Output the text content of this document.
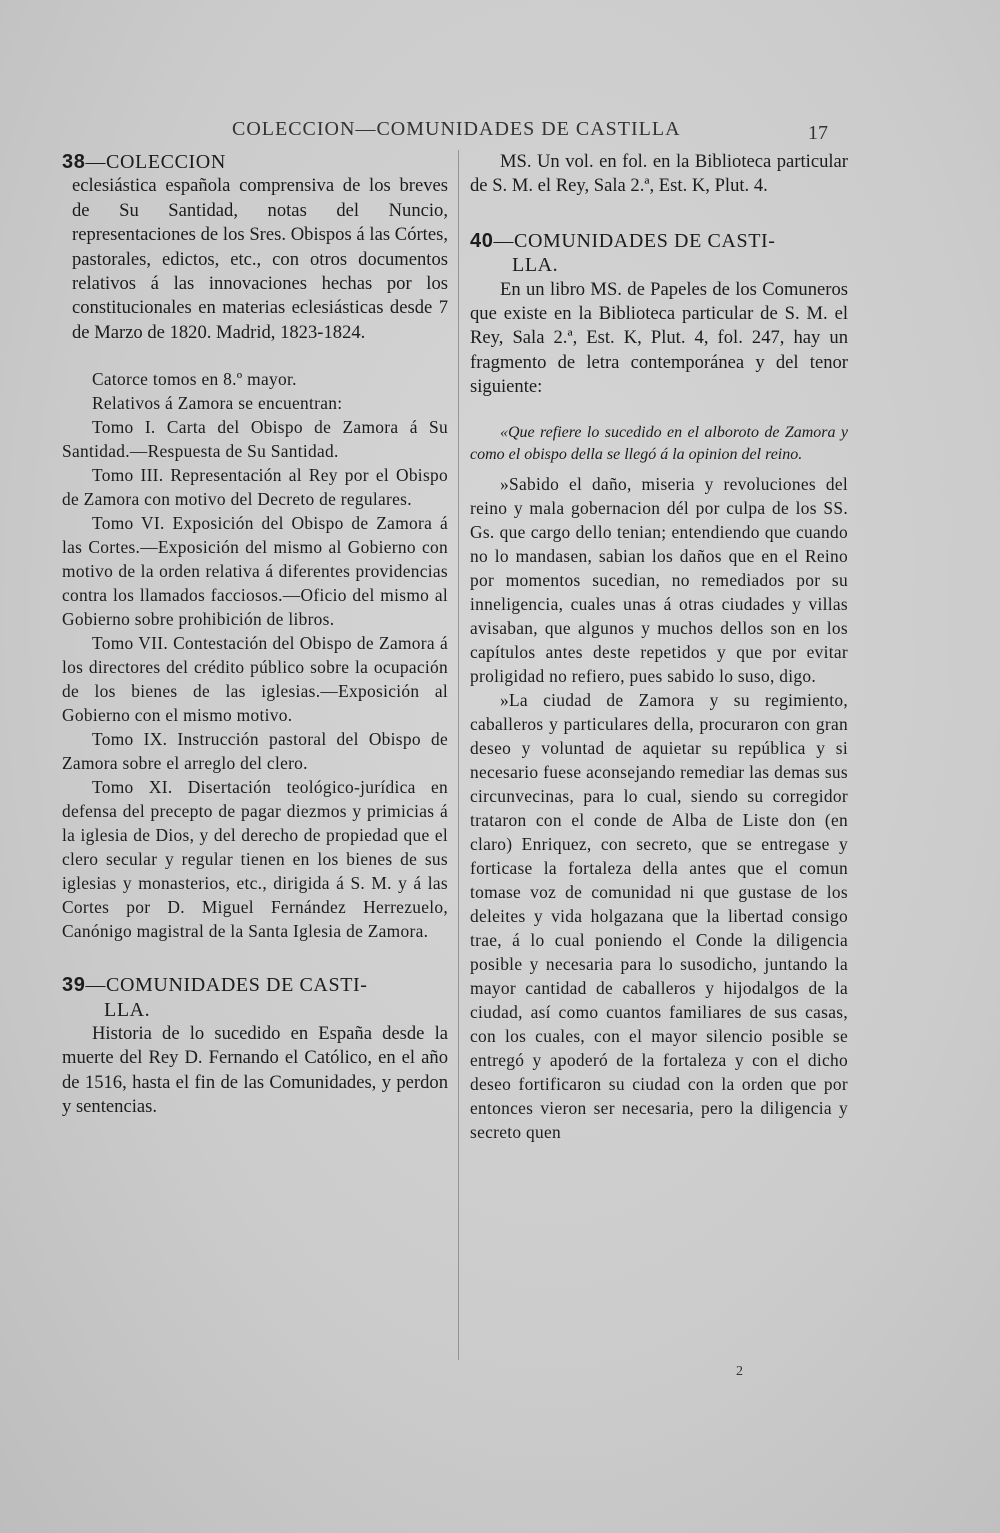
COLECCION—COMUNIDADES DE CASTILLA	17

38—COLECCION

eclesiástica española comprensiva de los breves de Su Santidad, notas del Nuncio, representaciones de los Sres. Obispos á las Córtes, pastorales, edictos, etc., con otros documentos relativos á las innovaciones hechas por los constitucionales en materias eclesiásticas desde 7 de Marzo de 1820. Madrid, 1823-1824.

Catorce tomos en 8.º mayor.

Relativos á Zamora se encuentran:

Tomo I. Carta del Obispo de Zamora á Su Santidad.—Respuesta de Su Santidad.

Tomo III. Representación al Rey por el Obispo de Zamora con motivo del Decreto de regulares.

Tomo VI. Exposición del Obispo de Zamora á las Cortes.—Exposición del mismo al Gobierno con motivo de la orden relativa á diferentes providencias contra los llamados facciosos.—Oficio del mismo al Gobierno sobre prohibición de libros.

Tomo VII. Contestación del Obispo de Zamora á los directores del crédito público sobre la ocupación de los bienes de las iglesias.—Exposición al Gobierno con el mismo motivo.

Tomo IX. Instrucción pastoral del Obispo de Zamora sobre el arreglo del clero.

Tomo XI. Disertación teológico-jurídica en defensa del precepto de pagar diezmos y primicias á la iglesia de Dios, y del derecho de propiedad que el clero secular y regular tienen en los bienes de sus iglesias y monasterios, etc., dirigida á S. M. y á las Cortes por D. Miguel Fernández Herrezuelo, Canónigo magistral de la Santa Iglesia de Zamora.

39—COMUNIDADES DE CASTI-

LLA.

Historia de lo sucedido en España desde la muerte del Rey D. Fernando el Católico, en el año de 1516, hasta el fin de las Comunidades, y perdon y sentencias.

MS. Un vol. en fol. en la Biblioteca particular de S. M. el Rey, Sala 2.ª, Est. K, Plut. 4.

40—COMUNIDADES DE CASTI-

LLA.

En un libro MS. de Papeles de los Comuneros que existe en la Biblioteca particular de S. M. el Rey, Sala 2.ª, Est. K, Plut. 4, fol. 247, hay un fragmento de letra contemporánea y del tenor siguiente:

«Que refiere lo sucedido en el alboroto de Zamora y como el obispo della se llegó á la opinion del reino.

»Sabido el daño, miseria y revoluciones del reino y mala gobernacion dél por culpa de los SS. Gs. que cargo dello tenian; entendiendo que cuando no lo mandasen, sabian los daños que en el Reino por momentos sucedian, no remediados por su inneligencia, cuales unas á otras ciudades y villas avisaban, que algunos y muchos dellos son en los capítulos antes deste repetidos y que por evitar proligidad no refiero, pues sabido lo suso, digo.

»La ciudad de Zamora y su regimiento, caballeros y particulares della, procuraron con gran deseo y voluntad de aquietar su república y si necesario fuese aconsejando remediar las demas sus circunvecinas, para lo cual, siendo su corregidor trataron con el conde de Alba de Liste don (en claro) Enriquez, con secreto, que se entregase y forticase la fortaleza della antes que el comun tomase voz de comunidad ni que gustase de los deleites y vida holgazana que la libertad consigo trae, á lo cual poniendo el Conde la diligencia posible y necesaria para lo susodicho, juntando la mayor cantidad de caballeros y hijodalgos de la ciudad, así como cuantos familiares de sus casas, con los cuales, con el mayor silencio posible se entregó y apoderó de la fortaleza y con el dicho deseo fortificaron su ciudad con la orden que por entonces vieron ser necesaria, pero la diligencia y secreto quen

2
